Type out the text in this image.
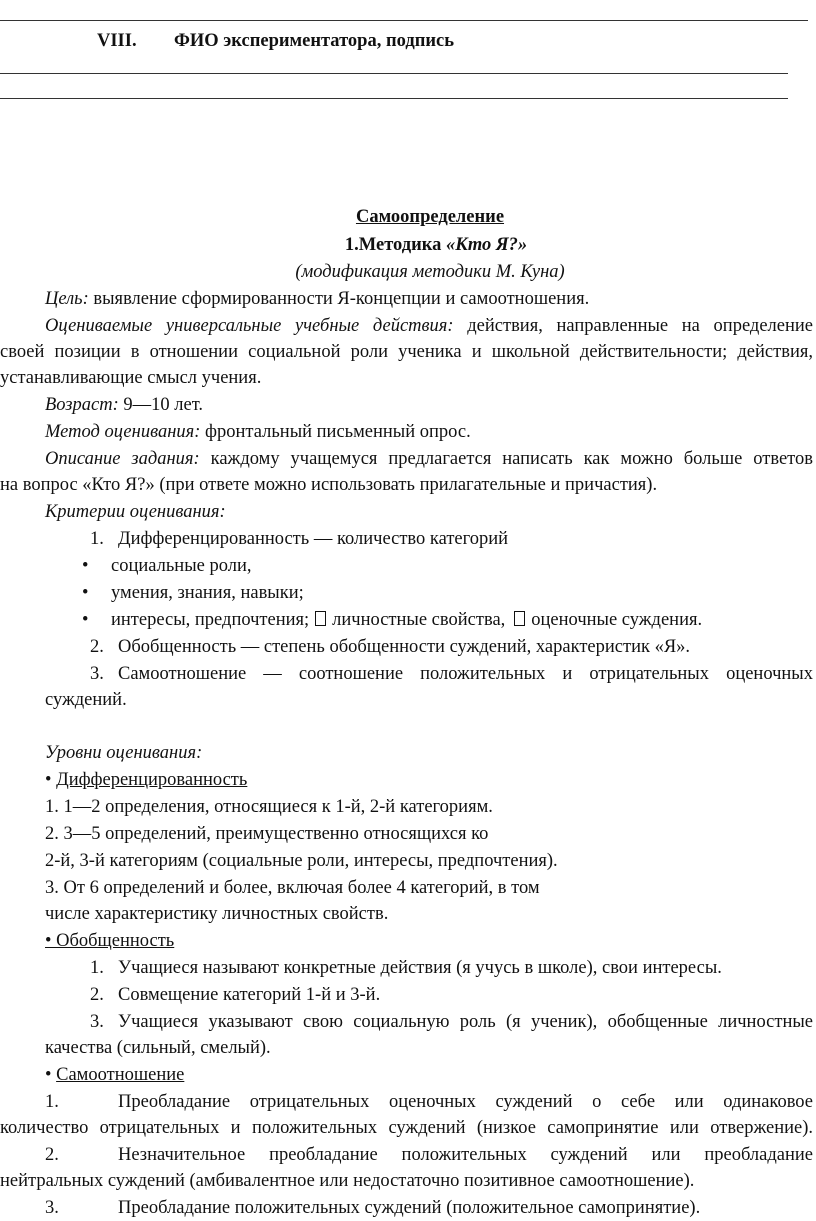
VIII. ФИО экспериментатора, подпись
Самоопределение
1.Методика «Кто Я?»
(модификация методики М. Куна)
Цель: выявление сформированности Я-концепции и самоотношения.
Оцениваемые универсальные учебные действия: действия, направленные на определение
своей позиции в отношении социальной роли ученика и школьной действительности; действия,
устанавливающие смысл учения.
Возраст: 9—10 лет.
Метод оценивания: фронтальный письменный опрос.
Описание задания: каждому учащемуся предлагается написать как можно больше ответов
на вопрос «Кто Я?» (при ответе можно использовать прилагательные и причастия).
Критерии оценивания:
1. Дифференцированность — количество категорий
• социальные роли,
• умения, знания, навыки;
• интересы, предпочтения; личностные свойства, оценочные суждения.
2. Обобщенность — степень обобщенности суждений, характеристик «Я».
3. Самоотношение — соотношение положительных и отрицательных оценочных
суждений.
Уровни оценивания:
• Дифференцированность
1. 1—2 определения, относящиеся к 1-й, 2-й категориям.
2. 3—5 определений, преимущественно относящихся ко
2-й, 3-й категориям (социальные роли, интересы, предпочтения).
3. От 6 определений и более, включая более 4 категорий, в том
числе характеристику личностных свойств.
• Обобщенность
1. Учащиеся называют конкретные действия (я учусь в школе), свои интересы.
2. Совмещение категорий 1-й и 3-й.
3. Учащиеся указывают свою социальную роль (я ученик), обобщенные личностные
качества (сильный, смелый).
• Самоотношение
1.	Преобладание отрицательных оценочных суждений о себе или одинаковое
количество отрицательных и положительных суждений (низкое самопринятие или отвержение).
2.	Незначительное преобладание положительных суждений или преобладание
нейтральных суждений (амбивалентное или недостаточно позитивное самоотношение).
3.	Преобладание положительных суждений (положительное самопринятие).
